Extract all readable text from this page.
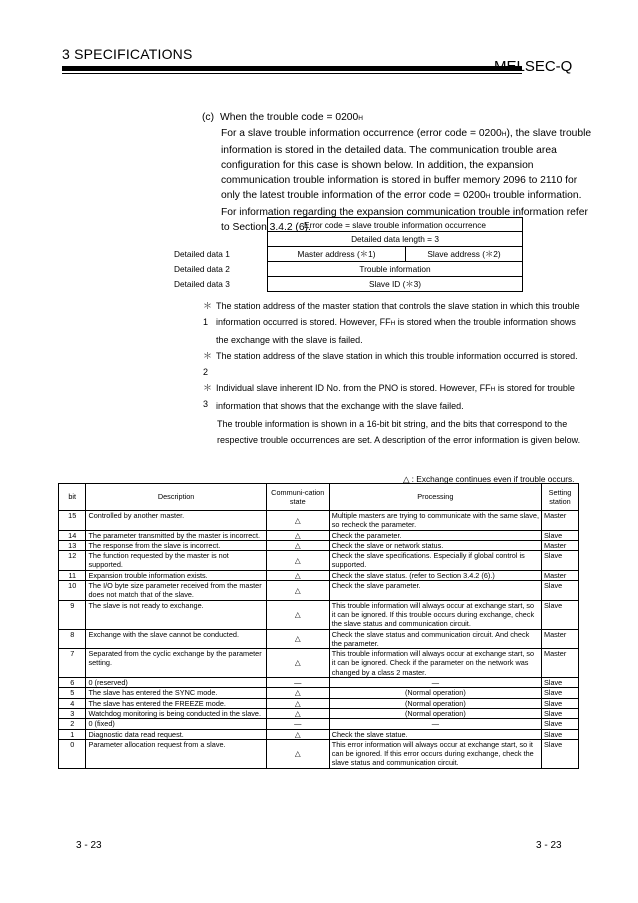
3 SPECIFICATIONS
MELSEC-Q
(c) When the trouble code = 0200H
For a slave trouble information occurrence (error code = 0200H), the slave trouble information is stored in the detailed data. The communication trouble area configuration for this case is shown below. In addition, the expansion communication trouble information is stored in buffer memory 2096 to 2110 for only the latest trouble information of the error code = 0200H trouble information. For information regarding the expansion communication trouble information refer to Section 3.4.2 (6).
Error code = slave trouble information occurrence
Detailed data length = 3
Detailed data 1	Master address (＊1)	Slave address (＊2)
Detailed data 2	Trouble information
Detailed data 3	Slave ID (＊3)
＊1
The station address of the master station that controls the slave station in which this trouble information occurred is stored. However, FFH is stored when the trouble information shows the exchange with the slave is failed.
＊2
The station address of the slave station in which this trouble information occurred is stored.
＊3
Individual slave inherent ID No. from the PNO is stored. However, FFH is stored for trouble information that shows that the exchange with the slave failed.
The trouble information is shown in a 16-bit bit string, and the bits that correspond to the respective trouble occurrences are set. A description of the error information is given below.
△ : Exchange continues even if trouble occurs.
bit	Description	Communi-cation state	Processing	Setting station
15	Controlled by another master.	△	Multiple masters are trying to communicate with the same slave, so recheck the parameter.	Master
14	The parameter transmitted by the master is incorrect.	△	Check the parameter.	Slave
13	The response from the slave is incorrect.	△	Check the slave or network status.	Master
12	The function requested by the master is not supported.	△	Check the slave specifications. Especially if global control is supported.	Slave
11	Expansion trouble information exists.	△	Check the slave status. (refer to Section 3.4.2 (6).)	Master
10	The I/O byte size parameter received from the master does not match that of the slave.	△	Check the slave parameter.	Slave
9	The slave is not ready to exchange.	△	This trouble information will always occur at exchange start, so it can be ignored. If this trouble occurs during exchange, check the slave status and communication circuit.	Slave
8	Exchange with the slave cannot be conducted.	△	Check the slave status and communication circuit. And check the parameter.	Master
7	Separated from the cyclic exchange by the parameter setting.	△	This trouble information will always occur at exchange start, so it can be ignored. Check if the parameter on the network was changed by a class 2 master.	Master
6	0 (reserved)	—	—	Slave
5	The slave has entered the SYNC mode.	△	(Normal operation)	Slave
4	The slave has entered the FREEZE mode.	△	(Normal operation)	Slave
3	Watchdog monitoring is being conducted in the slave.	△	(Normal operation)	Slave
2	0 (fixed)	—	—	Slave
1	Diagnostic data read request.	△	Check the slave statue.	Slave
0	Parameter allocation request from a slave.	△	This error information will always occur at exchange start, so it can be ignored. If this error occurs during exchange, check the slave status and communication circuit.	Slave
3 - 23	3 - 23
